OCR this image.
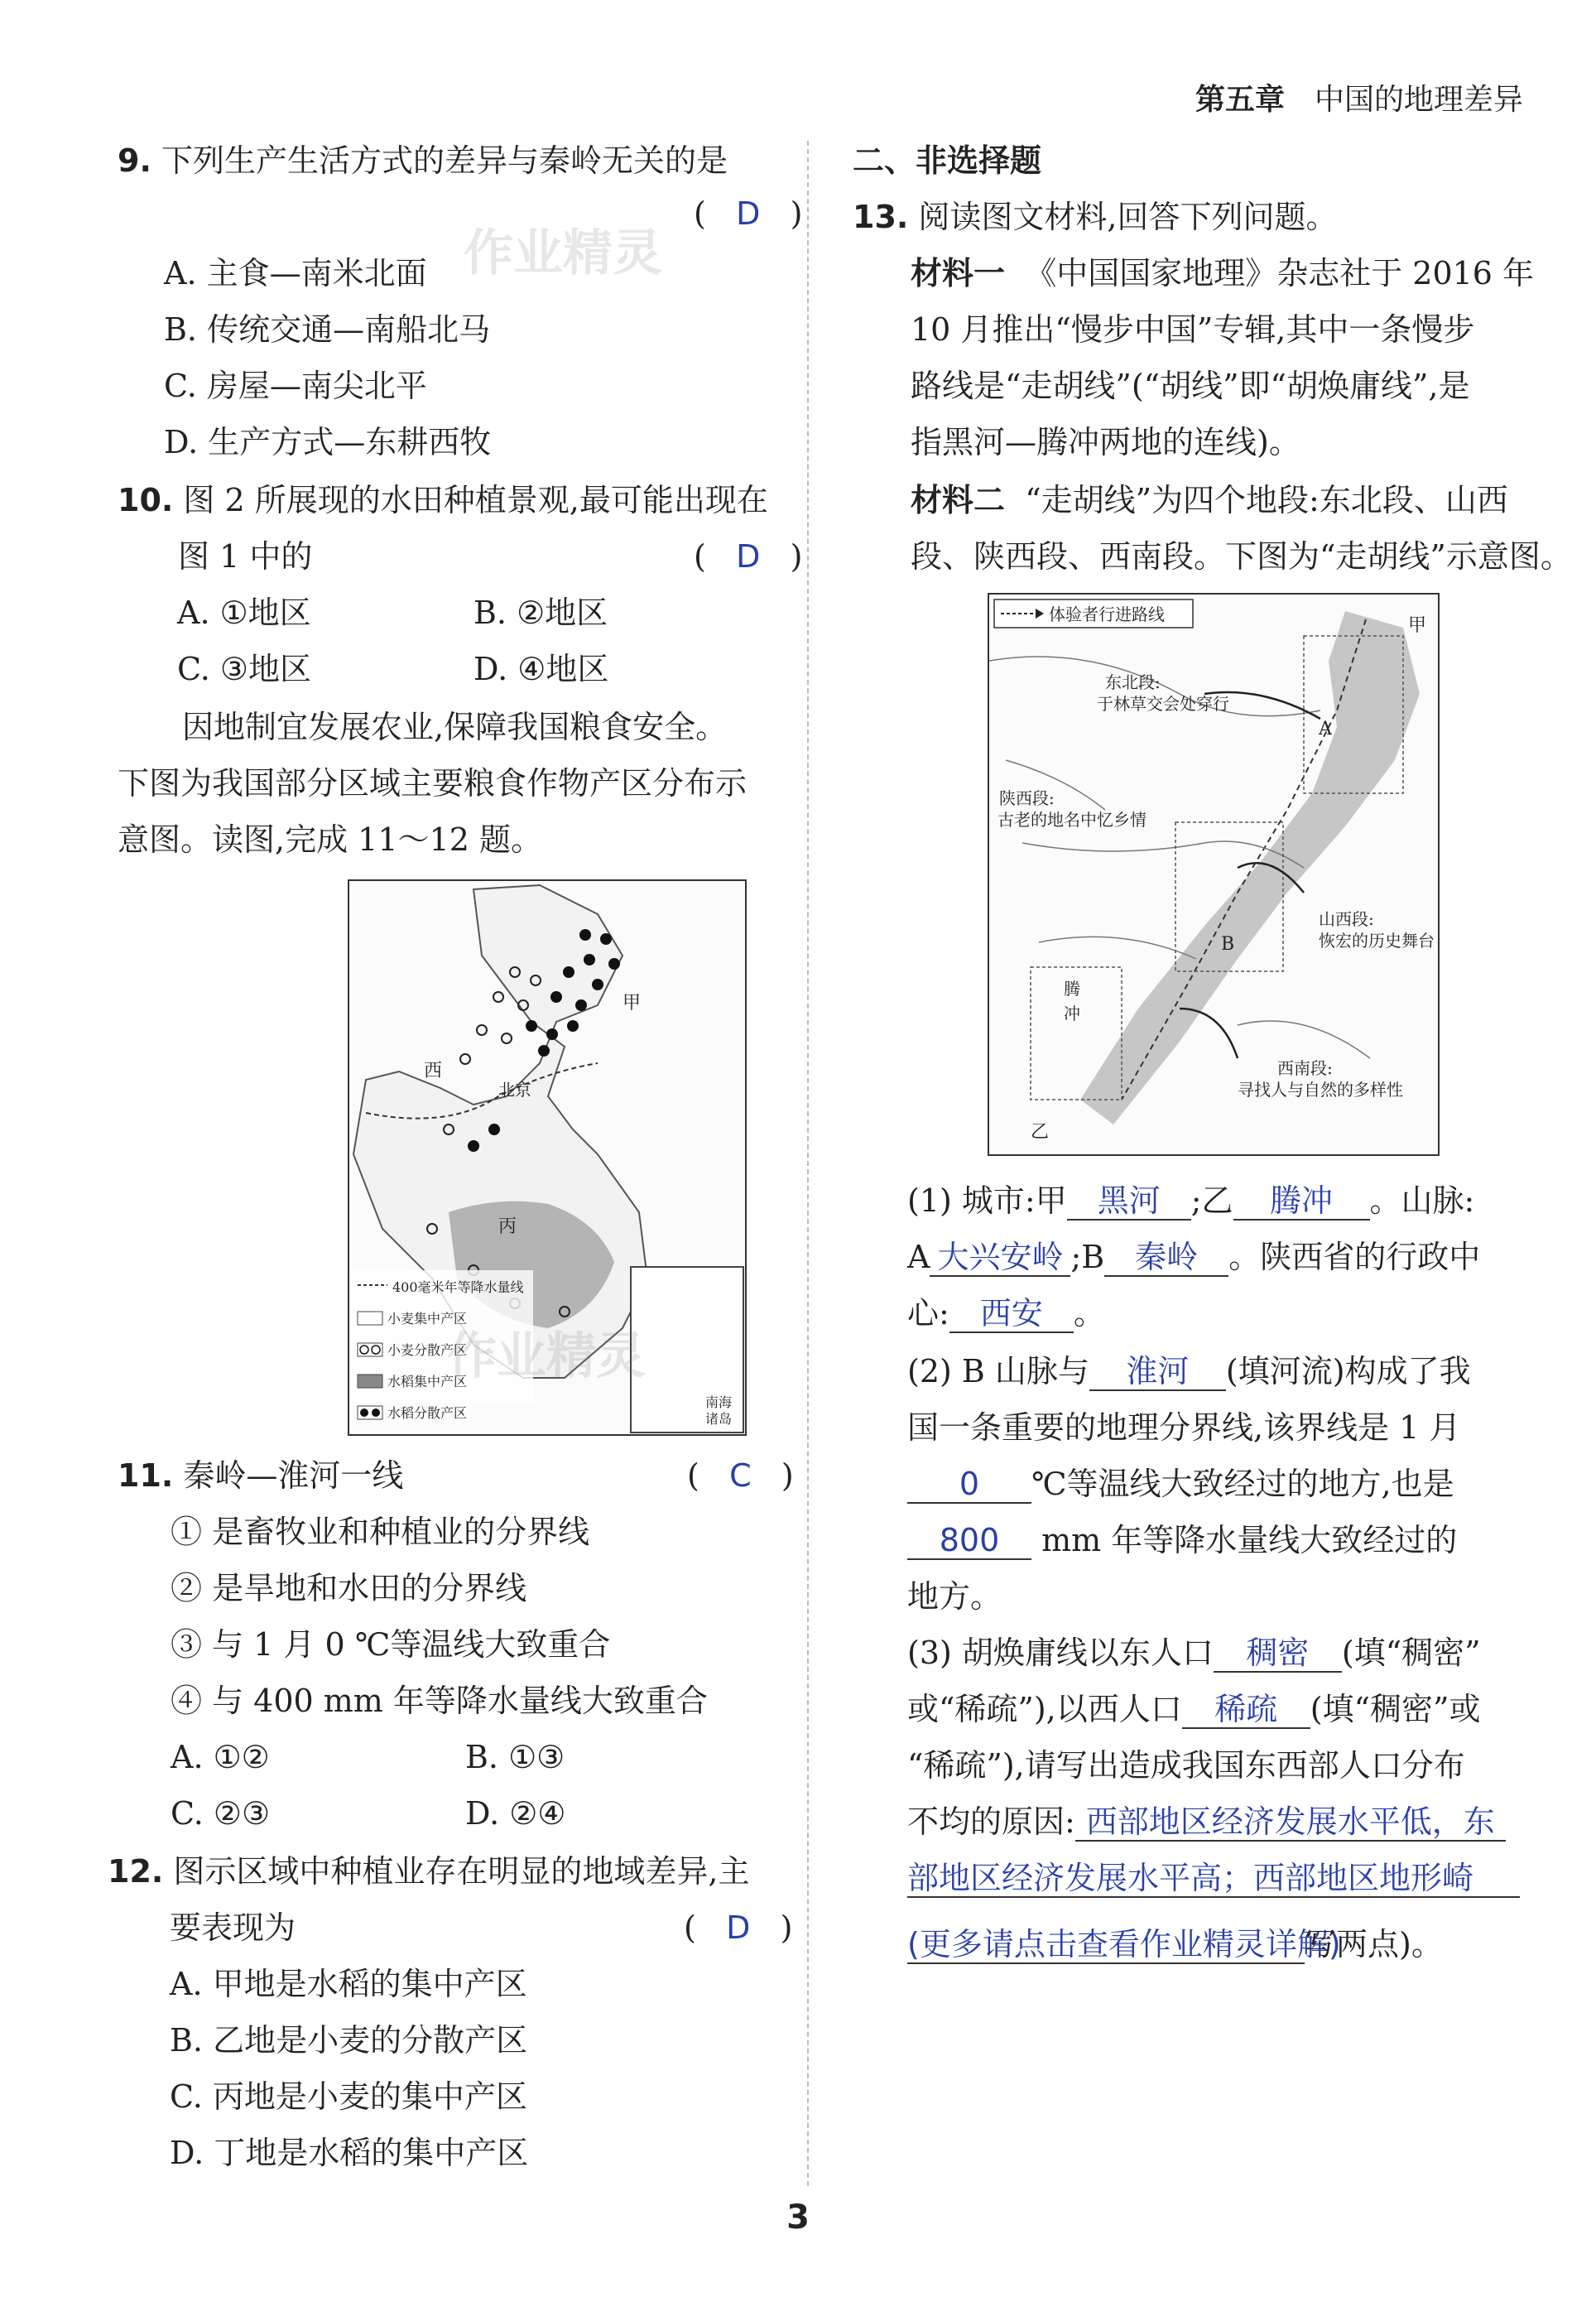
第五章 中国的地理差异
9. 下列生产生活方式的差异与秦岭无关的是
(   D   )
A. 主食—南米北面
B. 传统交通—南船北马
C. 房屋—南尖北平
D. 生产方式—东耕西牧
作业精灵
10. 图 2 所展现的水田种植景观,最可能出现在
图 1 中的	(   D   )
A. ①地区	B. ②地区
C. ③地区	D. ④地区
因地制宜发展农业,保障我国粮食安全。
下图为我国部分区域主要粮食作物产区分布示
意图。读图,完成 11～12 题。
甲
西
北京
丙
南海诸岛
400毫米年等降水量线
小麦集中产区
小麦分散产区
水稻集中产区
水稻分散产区
11. 秦岭—淮河一线	(   C   )
① 是畜牧业和种植业的分界线
② 是旱地和水田的分界线
③ 与 1 月 0 ℃等温线大致重合
④ 与 400 mm 年等降水量线大致重合
A. ①②	B. ①③
C. ②③	D. ②④
12. 图示区域中种植业存在明显的地域差异,主
要表现为	(   D   )
A. 甲地是水稻的集中产区
B. 乙地是小麦的分散产区
C. 丙地是小麦的集中产区
D. 丁地是水稻的集中产区
二、非选择题
13. 阅读图文材料,回答下列问题。
材料一 《中国国家地理》杂志社于 2016 年
10 月推出“慢步中国”专辑,其中一条慢步
路线是“走胡线”(“胡线”即“胡焕庸线”,是
指黑河—腾冲两地的连线)。
材料二 “走胡线”为四个地段:东北段、山西
段、陕西段、西南段。下图为“走胡线”示意图。
体验者行进路线
甲
东北段:
于林草交会处穿行
陕西段:
古老的地名中忆乡情
山西段:
恢宏的历史舞台
A
B
西南段:
寻找人与自然的多样性
乙
腾
冲
(1) 城市:甲 黑河 ;乙 腾冲 。山脉:
A 大兴安岭 ;B 秦岭 。陕西省的行政中
心: 西安 。
(2) B 山脉与 淮河 (填河流)构成了我
国一条重要的地理分界线,该界线是 1 月
0 ℃等温线大致经过的地方,也是
800 mm 年等降水量线大致经过的
地方。
(3) 胡焕庸线以东人口 稠密 (填“稠密”
或“稀疏”),以西人口 稀疏 (填“稠密”或
“稀疏”),请写出造成我国东西部人口分布
不均的原因: 西部地区经济发展水平低，东
部地区经济发展水平高；西部地区地形崎
(更多请点击查看作业精灵详解)写两点)。
作业精灵
3
